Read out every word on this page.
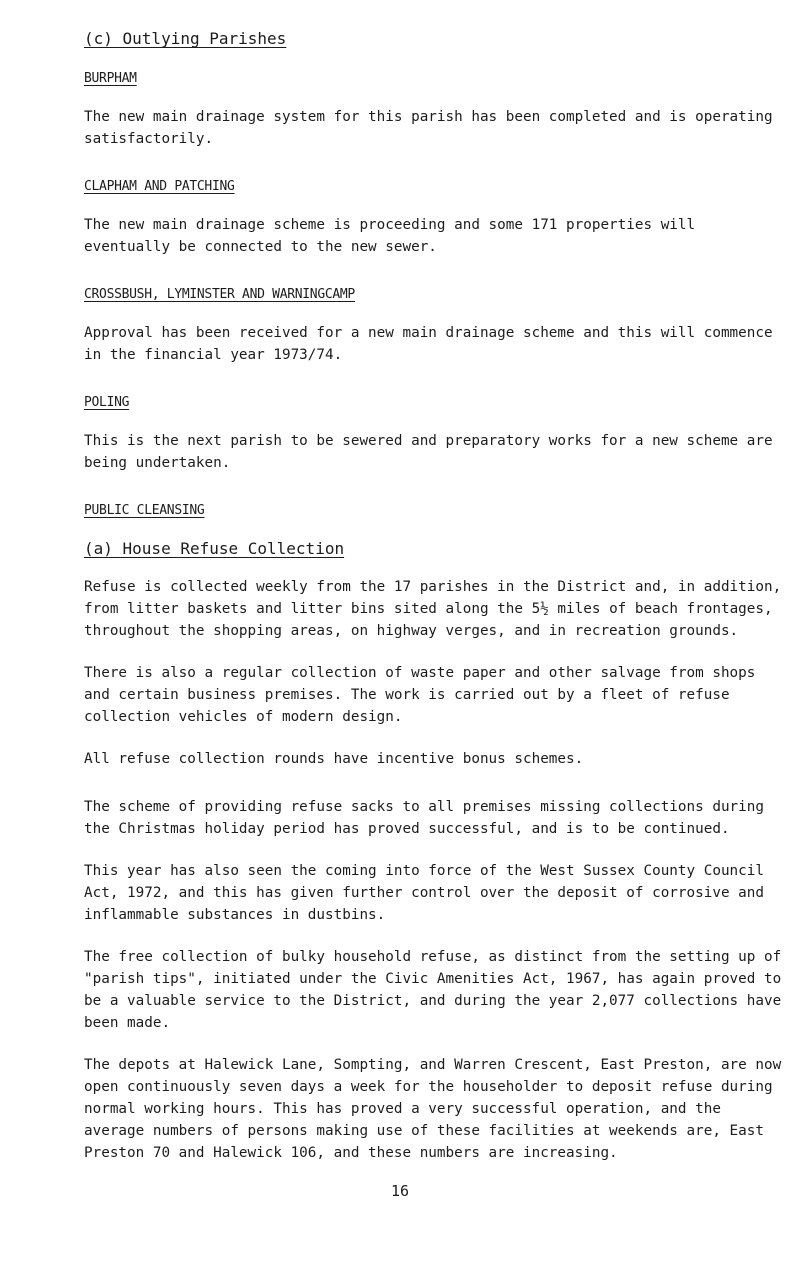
(c) Outlying Parishes
BURPHAM

The new main drainage system for this parish has been completed and is operating satisfactorily.

CLAPHAM AND PATCHING

The new main drainage scheme is proceeding and some 171 properties will eventually be connected to the new sewer.

CROSSBUSH, LYMINSTER AND WARNINGCAMP

Approval has been received for a new main drainage scheme and this will commence in the financial year 1973/74.

POLING

This is the next parish to be sewered and preparatory works for a new scheme are being undertaken.

PUBLIC CLEANSING
(a) House Refuse Collection

Refuse is collected weekly from the 17 parishes in the District and, in addition, from litter baskets and litter bins sited along the 5½ miles of beach frontages, throughout the shopping areas, on highway verges, and in recreation grounds.

There is also a regular collection of waste paper and other salvage from shops and certain business premises. The work is carried out by a fleet of refuse collection vehicles of modern design.

All refuse collection rounds have incentive bonus schemes.

The scheme of providing refuse sacks to all premises missing collections during the Christmas holiday period has proved successful, and is to be continued.

This year has also seen the coming into force of the West Sussex County Council Act, 1972, and this has given further control over the deposit of corrosive and inflammable substances in dustbins.

The free collection of bulky household refuse, as distinct from the setting up of "parish tips", initiated under the Civic Amenities Act, 1967, has again proved to be a valuable service to the District, and during the year 2,077 collections have been made.

The depots at Halewick Lane, Sompting, and Warren Crescent, East Preston, are now open continuously seven days a week for the householder to deposit refuse during normal working hours. This has proved a very successful operation, and the average numbers of persons making use of these facilities at weekends are, East Preston 70 and Halewick 106, and these numbers are increasing.

16
